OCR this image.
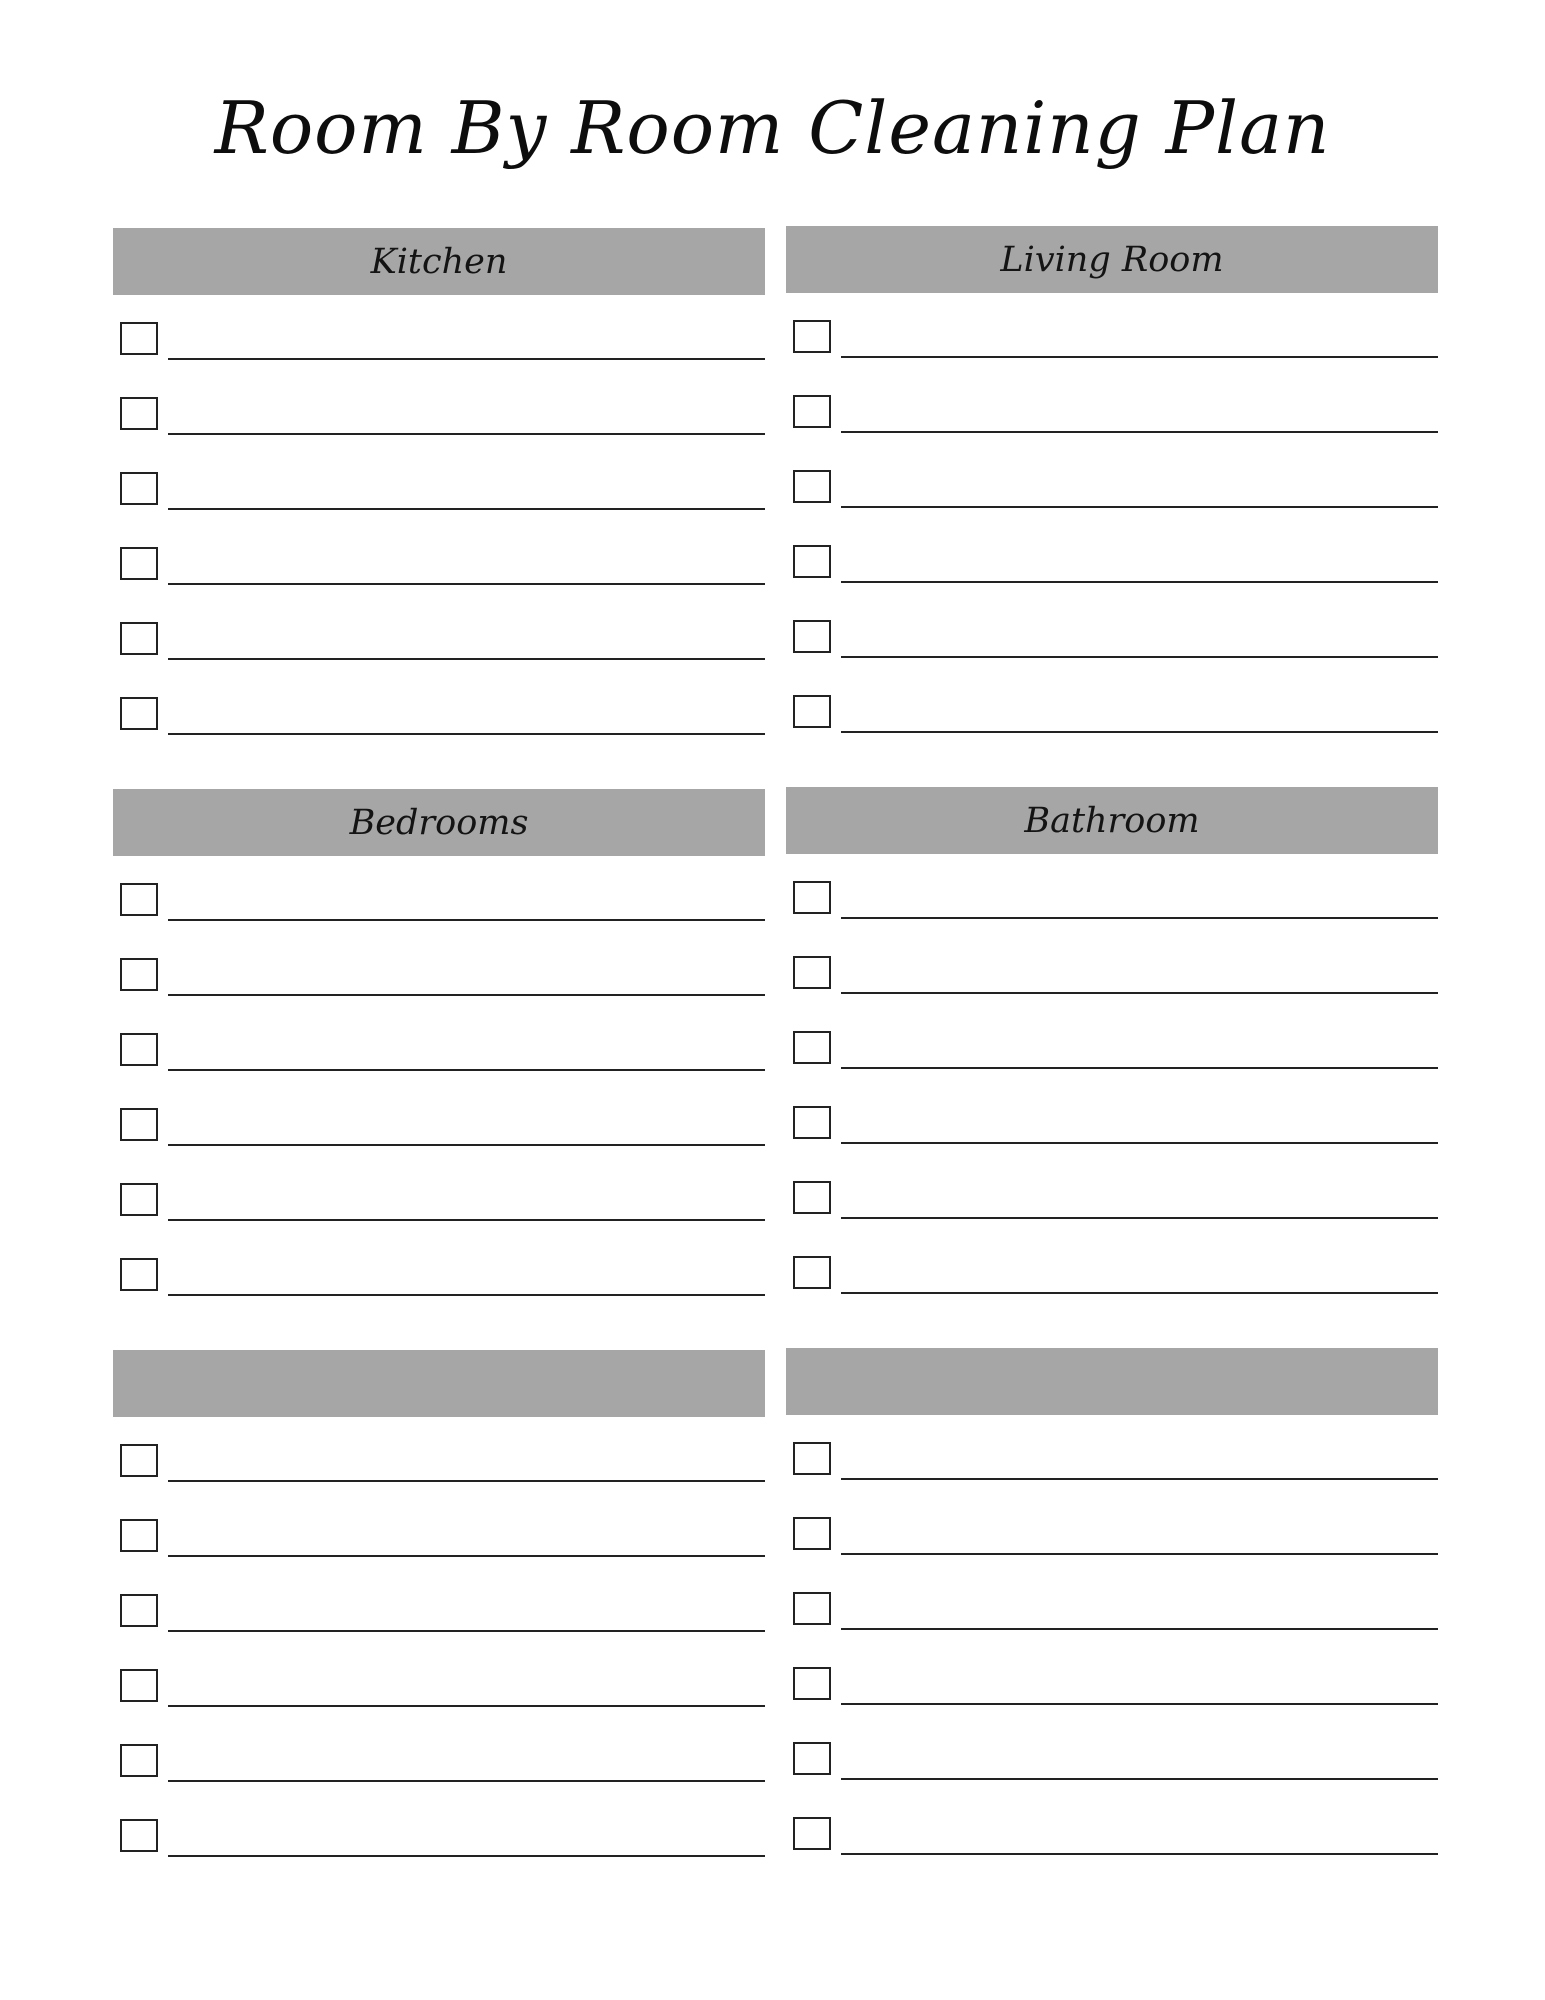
Room By Room Cleaning Plan
Kitchen	Living Room
Bedrooms	Bathroom
